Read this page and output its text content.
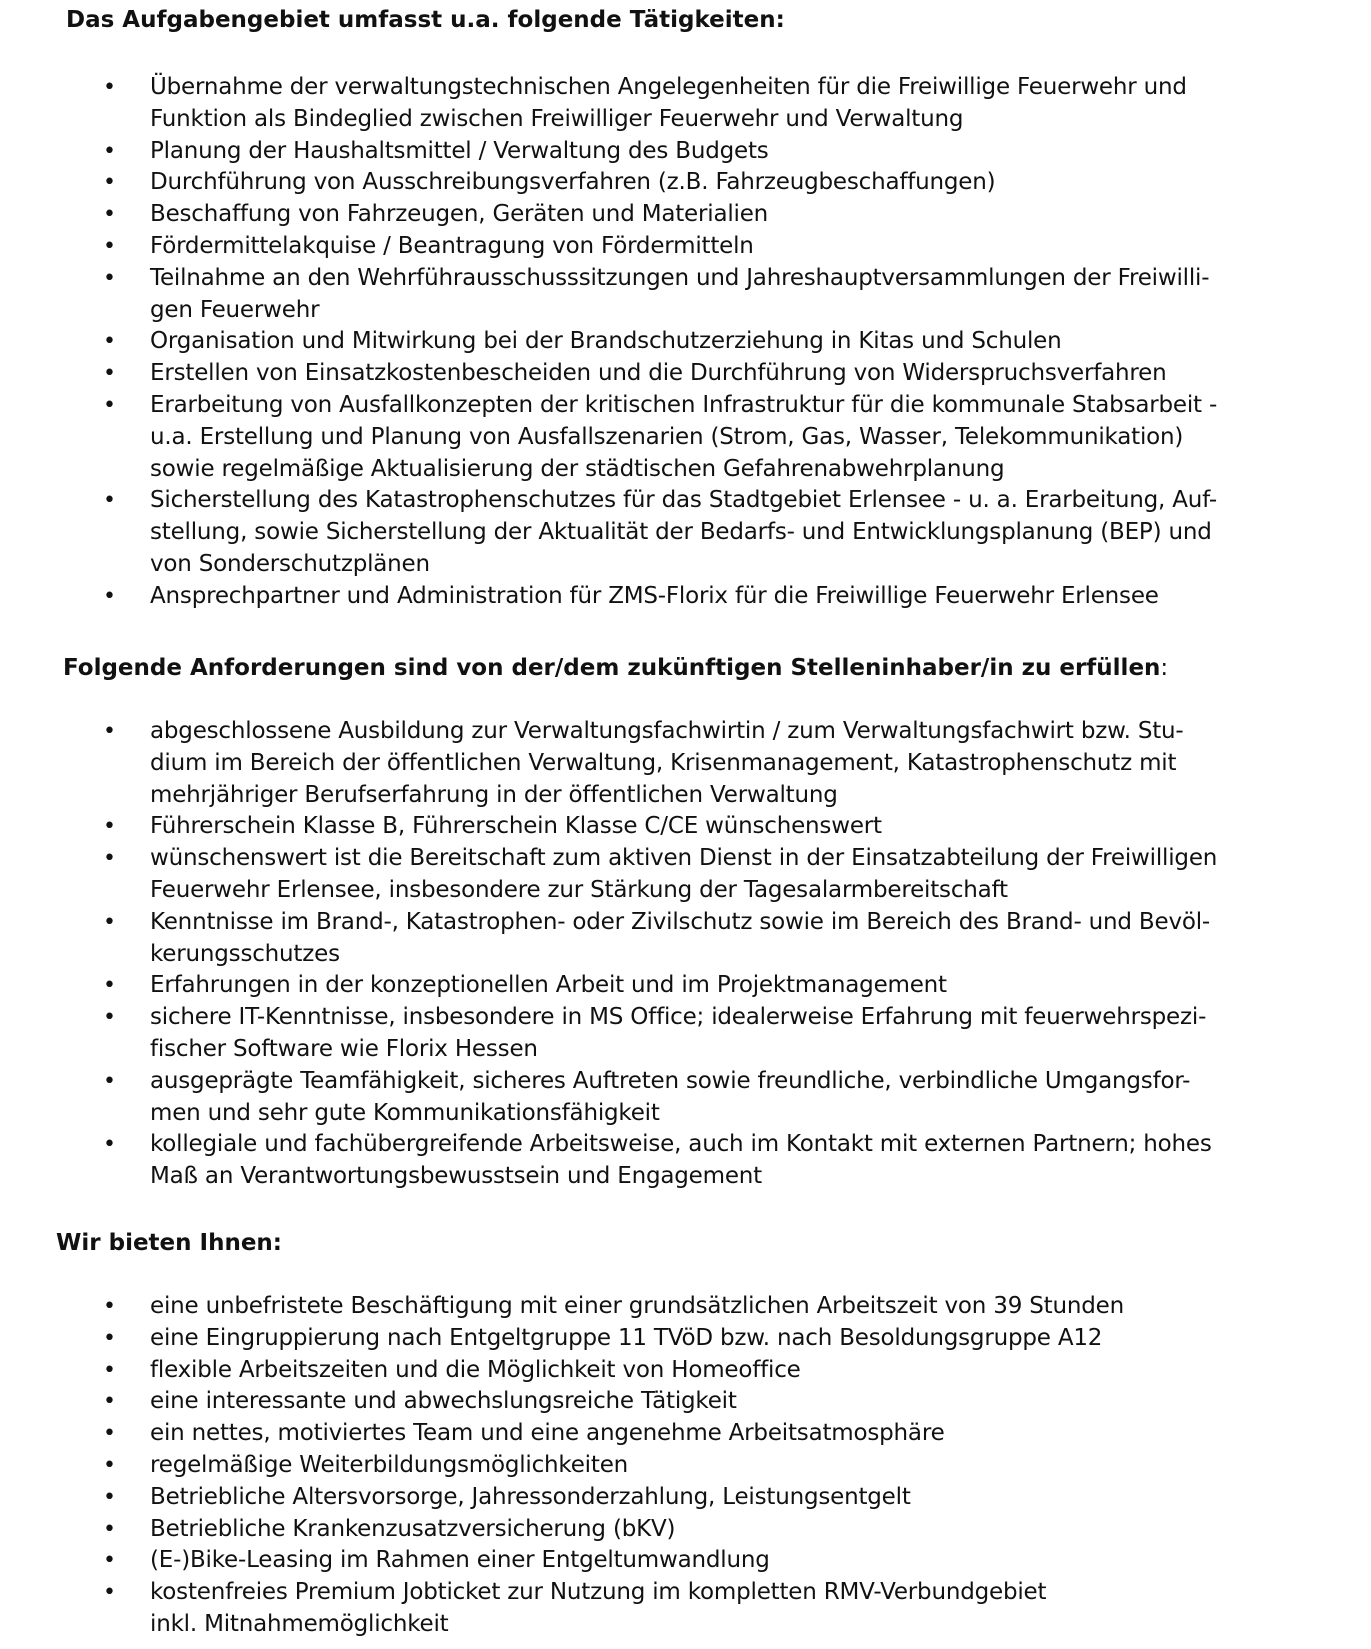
Das Aufgabengebiet umfasst u.a. folgende Tätigkeiten:
• Übernahme der verwaltungstechnischen Angelegenheiten für die Freiwillige Feuerwehr und
Funktion als Bindeglied zwischen Freiwilliger Feuerwehr und Verwaltung
• Planung der Haushaltsmittel / Verwaltung des Budgets
• Durchführung von Ausschreibungsverfahren (z.B. Fahrzeugbeschaffungen)
• Beschaffung von Fahrzeugen, Geräten und Materialien
• Fördermittelakquise / Beantragung von Fördermitteln
• Teilnahme an den Wehrführausschusssitzungen und Jahreshauptversammlungen der Freiwilli-
gen Feuerwehr
• Organisation und Mitwirkung bei der Brandschutzerziehung in Kitas und Schulen
• Erstellen von Einsatzkostenbescheiden und die Durchführung von Widerspruchsverfahren
• Erarbeitung von Ausfallkonzepten der kritischen Infrastruktur für die kommunale Stabsarbeit -
u.a. Erstellung und Planung von Ausfallszenarien (Strom, Gas, Wasser, Telekommunikation)
sowie regelmäßige Aktualisierung der städtischen Gefahrenabwehrplanung
• Sicherstellung des Katastrophenschutzes für das Stadtgebiet Erlensee - u. a. Erarbeitung, Auf-
stellung, sowie Sicherstellung der Aktualität der Bedarfs- und Entwicklungsplanung (BEP) und
von Sonderschutzplänen
• Ansprechpartner und Administration für ZMS-Florix für die Freiwillige Feuerwehr Erlensee
Folgende Anforderungen sind von der/dem zukünftigen Stelleninhaber/in zu erfüllen:
• abgeschlossene Ausbildung zur Verwaltungsfachwirtin / zum Verwaltungsfachwirt bzw. Stu-
dium im Bereich der öffentlichen Verwaltung, Krisenmanagement, Katastrophenschutz mit
mehrjähriger Berufserfahrung in der öffentlichen Verwaltung
• Führerschein Klasse B, Führerschein Klasse C/CE wünschenswert
• wünschenswert ist die Bereitschaft zum aktiven Dienst in der Einsatzabteilung der Freiwilligen
Feuerwehr Erlensee, insbesondere zur Stärkung der Tagesalarmbereitschaft
• Kenntnisse im Brand-, Katastrophen- oder Zivilschutz sowie im Bereich des Brand- und Bevöl-
kerungsschutzes
• Erfahrungen in der konzeptionellen Arbeit und im Projektmanagement
• sichere IT-Kenntnisse, insbesondere in MS Office; idealerweise Erfahrung mit feuerwehrspezi-
fischer Software wie Florix Hessen
• ausgeprägte Teamfähigkeit, sicheres Auftreten sowie freundliche, verbindliche Umgangsfor-
men und sehr gute Kommunikationsfähigkeit
• kollegiale und fachübergreifende Arbeitsweise, auch im Kontakt mit externen Partnern; hohes
Maß an Verantwortungsbewusstsein und Engagement
Wir bieten Ihnen:
• eine unbefristete Beschäftigung mit einer grundsätzlichen Arbeitszeit von 39 Stunden
• eine Eingruppierung nach Entgeltgruppe 11 TVöD bzw. nach Besoldungsgruppe A12
• flexible Arbeitszeiten und die Möglichkeit von Homeoffice
• eine interessante und abwechslungsreiche Tätigkeit
• ein nettes, motiviertes Team und eine angenehme Arbeitsatmosphäre
• regelmäßige Weiterbildungsmöglichkeiten
• Betriebliche Altersvorsorge, Jahressonderzahlung, Leistungsentgelt
• Betriebliche Krankenzusatzversicherung (bKV)
• (E-)Bike-Leasing im Rahmen einer Entgeltumwandlung
• kostenfreies Premium Jobticket zur Nutzung im kompletten RMV-Verbundgebiet
inkl. Mitnahmemöglichkeit
